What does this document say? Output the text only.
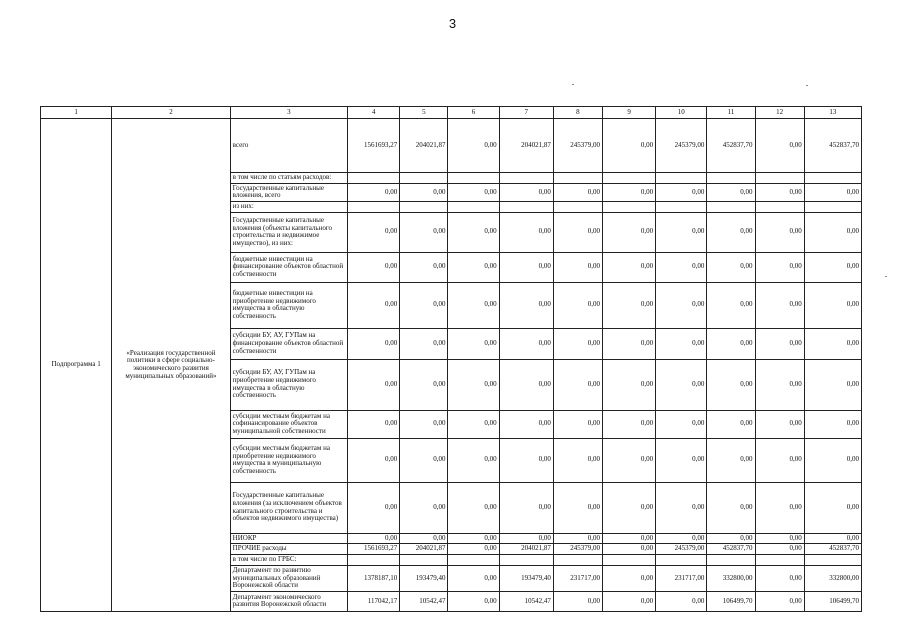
3
1	2	3	4	5	6	7	8	9	10	11	12	13
Подпрограмма 1	«Реализация государственной политики в сфере социально-экономического развития муниципальных образований»	всего	1561693,27	204021,87	0,00	204021,87	245379,00	0,00	245379,00	452837,70	0,00	452837,70
		в том числе по статьям расходов:										
		Государственные капитальные вложения, всего	0,00	0,00	0,00	0,00	0,00	0,00	0,00	0,00	0,00	0,00
		из них:										
		Государственные капитальные вложения (объекты капитального строительства и недвижимое имущество), из них:	0,00	0,00	0,00	0,00	0,00	0,00	0,00	0,00	0,00	0,00
		бюджетные инвестиции на финансирование объектов областной собственности	0,00	0,00	0,00	0,00	0,00	0,00	0,00	0,00	0,00	0,00
		бюджетные инвестиции на приобретение недвижимого имущества в областную собственность	0,00	0,00	0,00	0,00	0,00	0,00	0,00	0,00	0,00	0,00
		субсидии БУ, АУ, ГУПам на финансирование объектов областной собственности	0,00	0,00	0,00	0,00	0,00	0,00	0,00	0,00	0,00	0,00
		субсидии БУ, АУ, ГУПам на приобретение недвижимого имущества в областную собственность	0,00	0,00	0,00	0,00	0,00	0,00	0,00	0,00	0,00	0,00
		субсидии местным бюджетам на софинансирование объектов муниципальной собственности	0,00	0,00	0,00	0,00	0,00	0,00	0,00	0,00	0,00	0,00
		субсидии местным бюджетам на приобретение недвижимого имущества в муниципальную собственность	0,00	0,00	0,00	0,00	0,00	0,00	0,00	0,00	0,00	0,00
		Государственные капитальные вложения (за исключением объектов капитального строительства и объектов недвижимого имущества)	0,00	0,00	0,00	0,00	0,00	0,00	0,00	0,00	0,00	0,00
		НИОКР	0,00	0,00	0,00	0,00	0,00	0,00	0,00	0,00	0,00	0,00
		ПРОЧИЕ расходы	1561693,27	204021,87	0,00	204021,87	245379,00	0,00	245379,00	452837,70	0,00	452837,70
		в том числе по ГРБС:										
		Департамент по развитию муниципальных образований Воронежской области	1378187,10	193479,40	0,00	193479,40	231717,00	0,00	231717,00	332800,00	0,00	332800,00
		Департамент экономического развития Воронежской области	117042,17	10542,47	0,00	10542,47	0,00	0,00	0,00	106499,70	0,00	106499,70
